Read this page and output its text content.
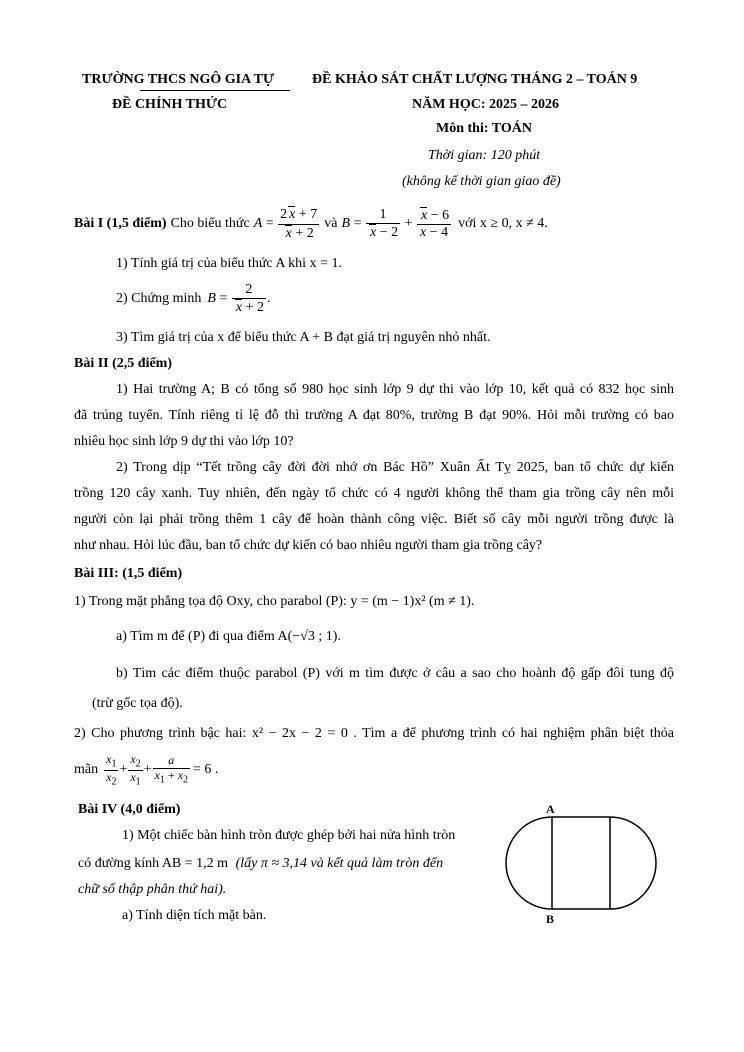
TRƯỜNG THCS NGÔ GIA TỰ	ĐỀ KHẢO SÁT CHẤT LƯỢNG THÁNG 2 – TOÁN 9
ĐỀ CHÍNH THỨC	NĂM HỌC: 2025 – 2026
Môn thi: TOÁN
Thời gian: 120 phút
(không kể thời gian giao đề)
Bài I (1,5 điểm) Cho biểu thức $A = \frac{2 x + 7}{x + 2}$ và $B = \frac{1}{x - 2} + \frac{x - 6}{x - 4}$ với x ≥ 0, x ≠ 4.
1) Tính giá trị của biểu thức A khi x = 1.
2) Chứng minh $B = \frac{2}{x + 2}$ .
3) Tìm giá trị của x để biểu thức A + B đạt giá trị nguyên nhỏ nhất.
Bài II (2,5 điểm)
1) Hai trường A; B có tổng số 980 học sinh lớp 9 dự thi vào lớp 10, kết quả có 832 học sinh
đã trúng tuyển. Tính riêng tỉ lệ đỗ thì trường A đạt 80%, trường B đạt 90%. Hỏi mỗi trường có bao
nhiêu học sinh lớp 9 dự thi vào lớp 10?
2) Trong dịp “Tết trồng cây đời đời nhớ ơn Bác Hồ” Xuân Ất Tỵ 2025, ban tổ chức dự kiến
trồng 120 cây xanh. Tuy nhiên, đến ngày tổ chức có 4 người không thể tham gia trồng cây nên mỗi
người còn lại phải trồng thêm 1 cây để hoàn thành công việc. Biết số cây mỗi người trồng được là
như nhau. Hỏi lúc đầu, ban tổ chức dự kiến có bao nhiêu người tham gia trồng cây?
Bài III: (1,5 điểm)
1) Trong mặt phẳng tọa độ Oxy, cho parabol (P): y = (m − 1)x² (m ≠ 1).
a) Tìm m để (P) đi qua điểm A(−√3 ; 1).
b) Tìm các điểm thuộc parabol (P) với m tìm được ở câu a sao cho hoành độ gấp đôi tung độ
(trừ gốc tọa độ).
2) Cho phương trình bậc hai: x² − 2x − 2 = 0 . Tìm a để phương trình có hai nghiệm phân biệt thỏa
mãn $\frac{x_1}{x_2} + \frac{x_2}{x_1} + \frac{a}{x_1 + x_2} = 6$ .
Bài IV (4,0 điểm)
1) Một chiếc bàn hình tròn được ghép bởi hai nửa hình tròn
có đường kính AB = 1,2 m (lấy π ≈ 3,14 và kết quả làm tròn đến
chữ số thập phân thứ hai).
a) Tính diện tích mặt bàn.
A
B
